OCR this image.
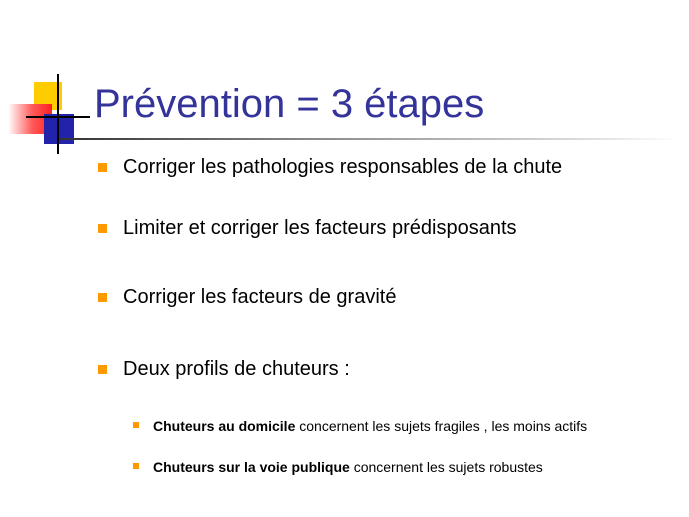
Prévention = 3 étapes
Corriger les pathologies responsables de la chute
Limiter et corriger les facteurs prédisposants
Corriger les facteurs de gravité
Deux profils de chuteurs :
Chuteurs au domicile concernent les sujets fragiles , les moins actifs
Chuteurs sur la voie publique concernent les sujets robustes
